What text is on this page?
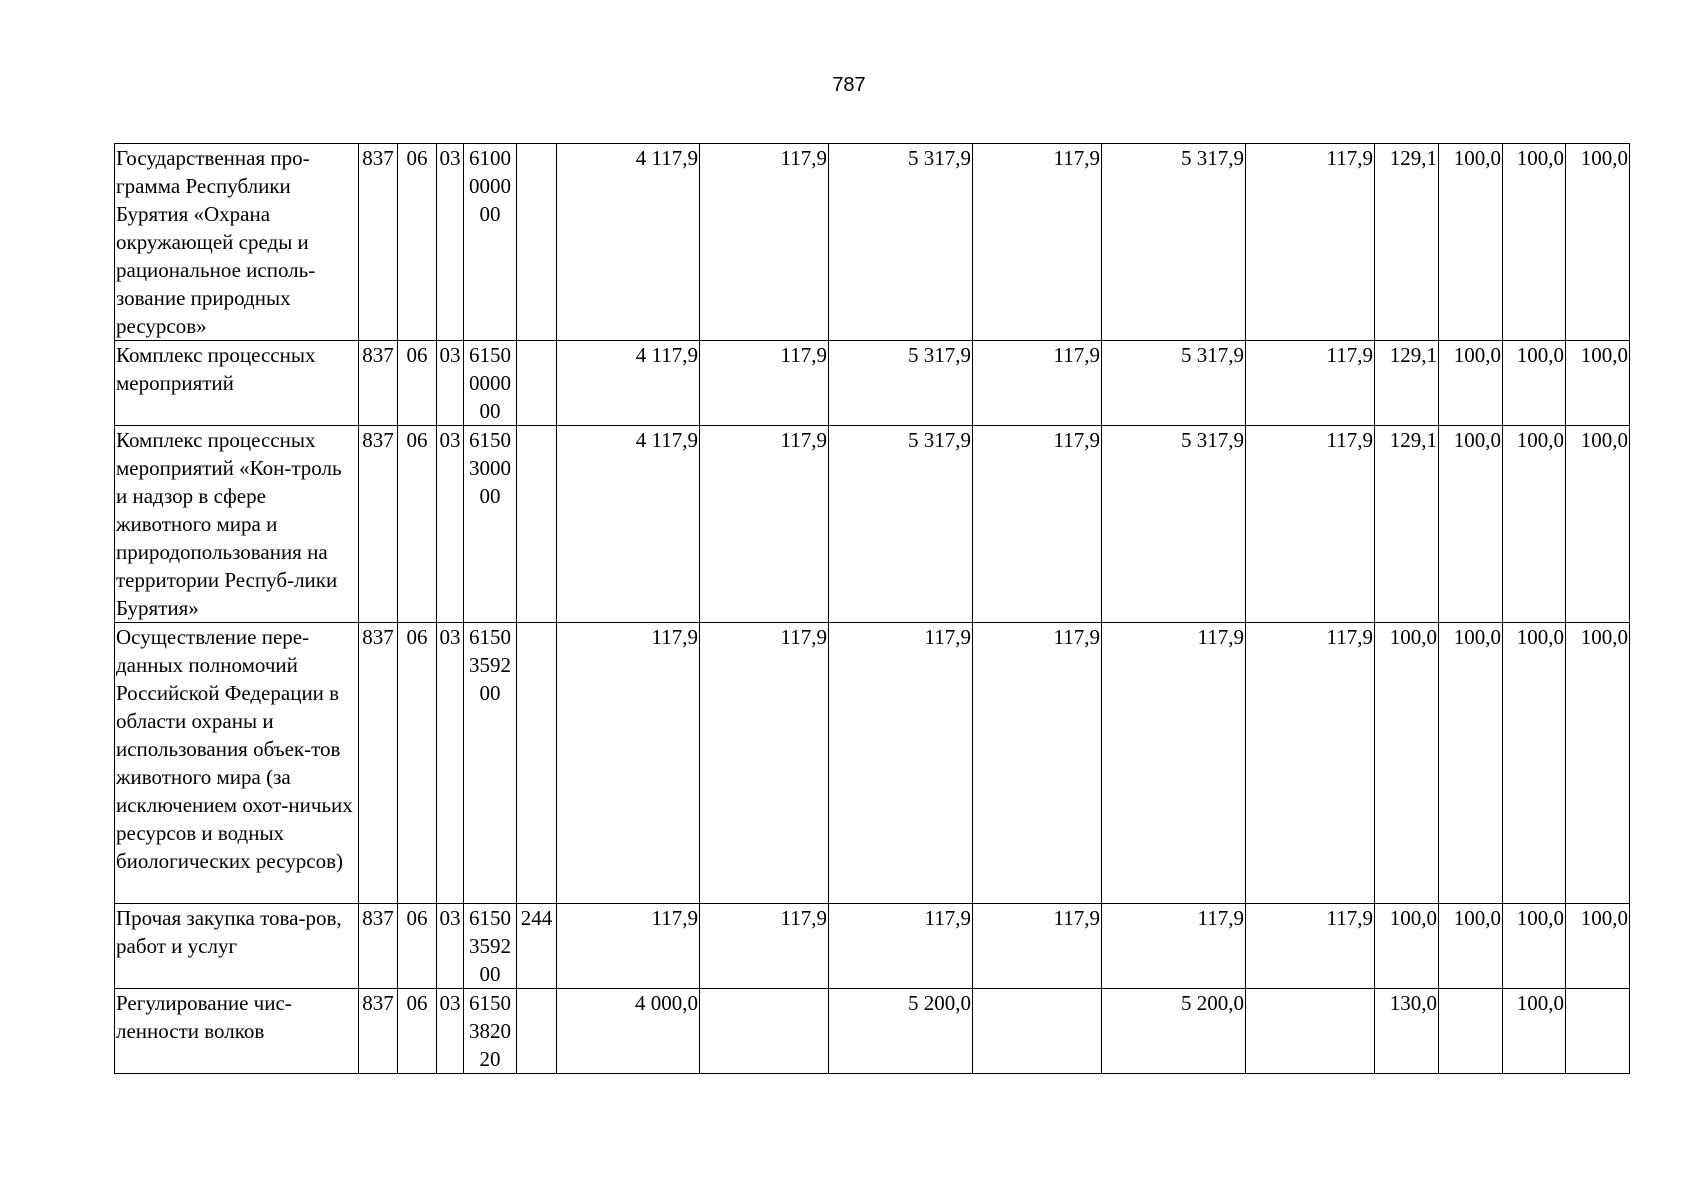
787
Государственная про-грамма Республики Бурятия «Охрана окружающей среды и рациональное исполь-зование природных ресурсов»	837	06	03	6100000000		4 117,9	117,9	5 317,9	117,9	5 317,9	117,9	129,1	100,0	100,0	100,0
Комплекс процессных мероприятий	837	06	03	6150000000		4 117,9	117,9	5 317,9	117,9	5 317,9	117,9	129,1	100,0	100,0	100,0
Комплекс процессных мероприятий «Кон-троль и надзор в сфере животного мира и природопользования на территории Респуб-лики Бурятия»	837	06	03	6150300000		4 117,9	117,9	5 317,9	117,9	5 317,9	117,9	129,1	100,0	100,0	100,0
Осуществление пере-данных полномочий Российской Федерации в области охраны и использования объек-тов животного мира (за исключением охот-ничьих ресурсов и водных биологических ресурсов)	837	06	03	6150359200		117,9	117,9	117,9	117,9	117,9	117,9	100,0	100,0	100,0	100,0
Прочая закупка това-ров, работ и услуг	837	06	03	6150359200	244	117,9	117,9	117,9	117,9	117,9	117,9	100,0	100,0	100,0	100,0
Регулирование чис-ленности волков	837	06	03	6150382020		4 000,0		5 200,0		5 200,0		130,0		100,0	
